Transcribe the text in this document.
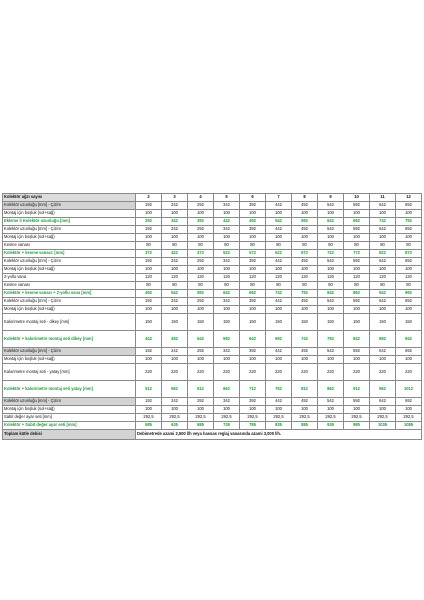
Kolektör ağzı sayısı	2	3	4	5	6	7	8	9	10	11	12
Kolektör uzunluğu [mm] - Çizim	192	242	292	342	392	442	492	542	592	642	692
Montaj için boşluk (sol+sağ)	100	100	100	100	100	100	100	100	100	100	100
Ekleme li Kolektör uzunluğu [mm]	292	342	392	442	492	542	592	642	692	742	792
Kolektör uzunluğu [mm] - Çizim	192	242	292	342	392	442	492	542	592	642	692
Montaj için boşluk (sol+sağ)	100	100	100	100	100	100	100	100	100	100	100
Kesme vanası	80	80	80	80	80	80	80	80	80	80	80
Kolektör + kesme vanası: [mm]	372	422	472	522	572	622	672	722	772	822	872
Kolektör uzunluğu [mm] - Çizim	192	242	292	342	392	442	492	542	592	642	692
Montaj için boşluk (sol+sağ)	100	100	100	100	100	100	100	100	100	100	100
2-yollu vana	120	120	120	120	120	120	120	120	120	120	120
Kesme vanası	80	80	80	80	80	80	80	80	80	80	80
Kolektör + kesme vanası + 2-yollu vana [mm]	492	542	592	642	692	742	792	842	892	942	992
Kolektör uzunluğu [mm] - Çizim	192	242	292	342	392	442	492	542	592	642	692
Montaj için boşluk (sol+sağ)	100	100	100	100	100	100	100	100	100	100	100
Kalorimetre montaj seti - dikey [mm]	150	150	150	150	150	150	150	150	150	150	150
Kolektör + kalorimetre montaj seti dikey [mm]	442	492	542	592	642	692	742	792	842	892	942
Kolektör uzunluğu [mm] - Çizim	192	242	292	342	392	442	492	542	592	642	692
Montaj için boşluk (sol+sağ)	100	100	100	100	100	100	100	100	100	100	100
Kalorimetre montaj seti - yatay [mm]	220	220	220	220	220	220	220	220	220	220	220
Kolektör + kalorimetre montaj seti yatay [mm]	512	562	612	662	712	762	812	862	912	962	1012
Kolektör uzunluğu [mm] - Çizim	192	242	292	342	392	442	492	542	592	642	692
Montaj için boşluk (sol+sağ)	100	100	100	100	100	100	100	100	100	100	100
Sabit değer ayar seti [mm]	292,5	292,5	292,5	292,5	292,5	292,5	292,5	292,5	292,5	292,5	292,5
Kolektör + Sabit değer ayar seti [mm]	585	635	685	735	785	835	885	935	985	1035	1085
Toplam kütle debisi	Debimetrede azami 2,500 l/h veya hassas reglaj vanasında azami 3,000 l/h.										
